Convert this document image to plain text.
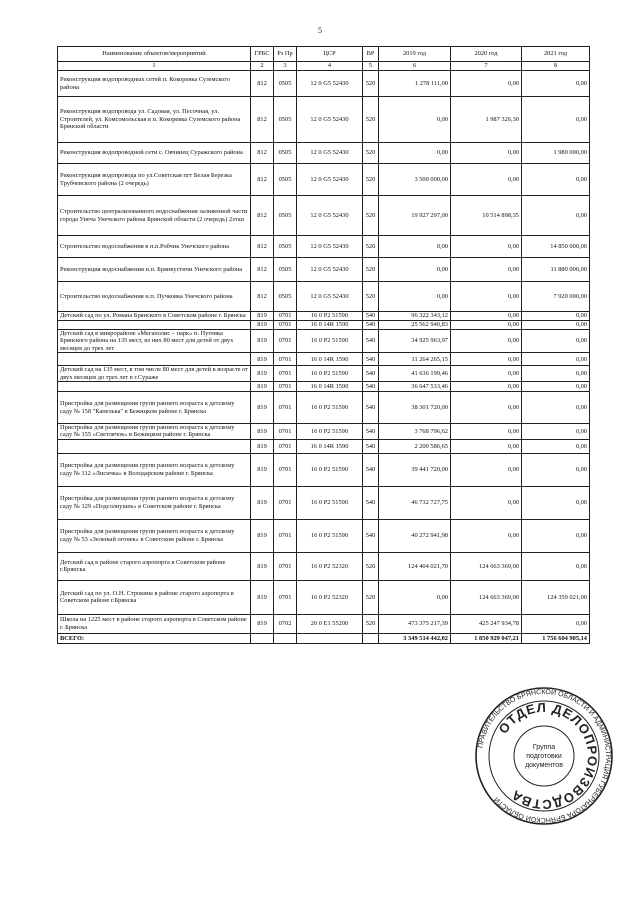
5
Наименование объектов/мероприятий	ГРБС	Рз Пр	ЦСР	ВР	2019 год	2020 год	2021 год
1	2	3	4	5	6	7	8
Реконструкция водопроводных сетей п. Кокоревка Суземского района	812	0505	12 0 G5 52430	520	1 278 111,00	0,00	0,00
Реконструкция водопровода ул. Садовая, ул. Песочная, ул. Строителей, ул. Комсомольская в п. Кокоревка Суземского района Брянской области	812	0505	12 0 G5 52430	520	0,00	1 987 326,30	0,00
Реконструкция водопроводной сети с. Овчинец Суражского района	812	0505	12 0 G5 52430	520	0,00	0,00	1 980 000,00
Реконструкция водопровода по ул.Советская пгт Белая Березка Трубчевского района (2 очередь)	812	0505	12 0 G5 52430	520	3 500 000,00	0,00	0,00
Строительство централизованного водоснабжения заливенной части города Унеча Унечского района Брянской области (2 очередь) 2этап	812	0505	12 0 G5 52430	520	19 927 297,00	10 514 898,35	0,00
Строительство водоснабжения в н.п.Робчик Унечского района	812	0505	12 0 G5 52430	520	0,00	0,00	14 850 000,00
Реконструкция водоснабжения н.п. Брянкустичи Унечского района	812	0505	12 0 G5 52430	520	0,00	0,00	11 880 000,00
Строительство водоснабжения н.п. Пучковка Унечского района	812	0505	12 0 G5 52430	520	0,00	0,00	7 920 000,00
Детский сад по ул. Романа Брянского в Советском районе г. Брянска	819	0701	16 0 P2 51590	540	96 322 343,12	0,00	0,00
	819	0701	16 0 14R 1590	540	25 562 940,83	0,00	0,00
Детский сад в микрорайоне «Мегаполис – парк» п. Путевка Брянского района на 135 мест, из них 80 мест для детей от двух месяцев до трех лет	819	0701	16 0 P2 51590	540	34 925 963,97	0,00	0,00
	819	0701	16 0 14R 1590	540	11 264 265,15	0,00	0,00
Детский сад на 135 мест, в том числе 80 мест для детей в возрасте от двух месяцев до трех лет в г.Сураже	819	0701	16 0 P2 51590	540	41 636 199,46	0,00	0,00
	819	0701	16 0 14R 1590	540	36 647 533,46	0,00	0,00
Пристройка для размещения групп раннего возраста к детскому саду № 158 "Капелька" в Бежицком районе г. Брянска	819	0701	16 0 P2 51590	540	38 301 720,00	0,00	0,00
Пристройка для размещения групп раннего возраста к детскому саду № 155 «Светлячок» в Бежицком районе г. Брянска	819	0701	16 0 P2 51590	540	3 768 796,62	0,00	0,00
	819	0701	16 0 14R 1590	540	2 200 586,65	0,00	0,00
Пристройка для размещения групп раннего возраста к детскому саду № 112 «Лисичка» в Володарском районе г. Брянска	819	0701	16 0 P2 51590	540	39 441 720,00	0,00	0,00
Пристройка для размещения групп раннего возраста к детскому саду № 129 «Подсолнушек» в Советском районе г. Брянска	819	0701	16 0 P2 51590	540	46 732 727,75	0,00	0,00
Пристройка для размещения групп раннего возраста к детскому саду № 53 «Зеленый огонек» в Советском районе г. Брянска	819	0701	16 0 P2 51590	540	40 272 941,98	0,00	0,00
Детский сад в районе старого аэропорта в Советском районе г.Брянска	819	0701	16 0 P2 52320	520	124 404 021,70	124 663 369,00	0,00
Детский сад по ул. О.Н. Строкина в районе старого аэропорта в Советском районе г.Брянска	819	0701	16 0 P2 52320	520	0,00	124 663 369,00	124 359 021,00
Школа на 1225 мест в районе старого аэропорта в Советском районе г. Брянска	819	0702	20 0 E1 55200	520	473 375 217,39	425 247 934,78	0,00
ВСЕГО:					3 349 514 442,02	1 850 929 047,21	1 756 604 905,14
ПРАВИТЕЛЬСТВО БРЯНСКОЙ ОБЛАСТИ И АДМИНИСТРАЦИЯ ГУБЕРНАТОРА БРЯНСКОЙ ОБЛАСТИ
ОТДЕЛ ДЕЛОПРОИЗВОДСТВА
Группа
подготовки
документов
